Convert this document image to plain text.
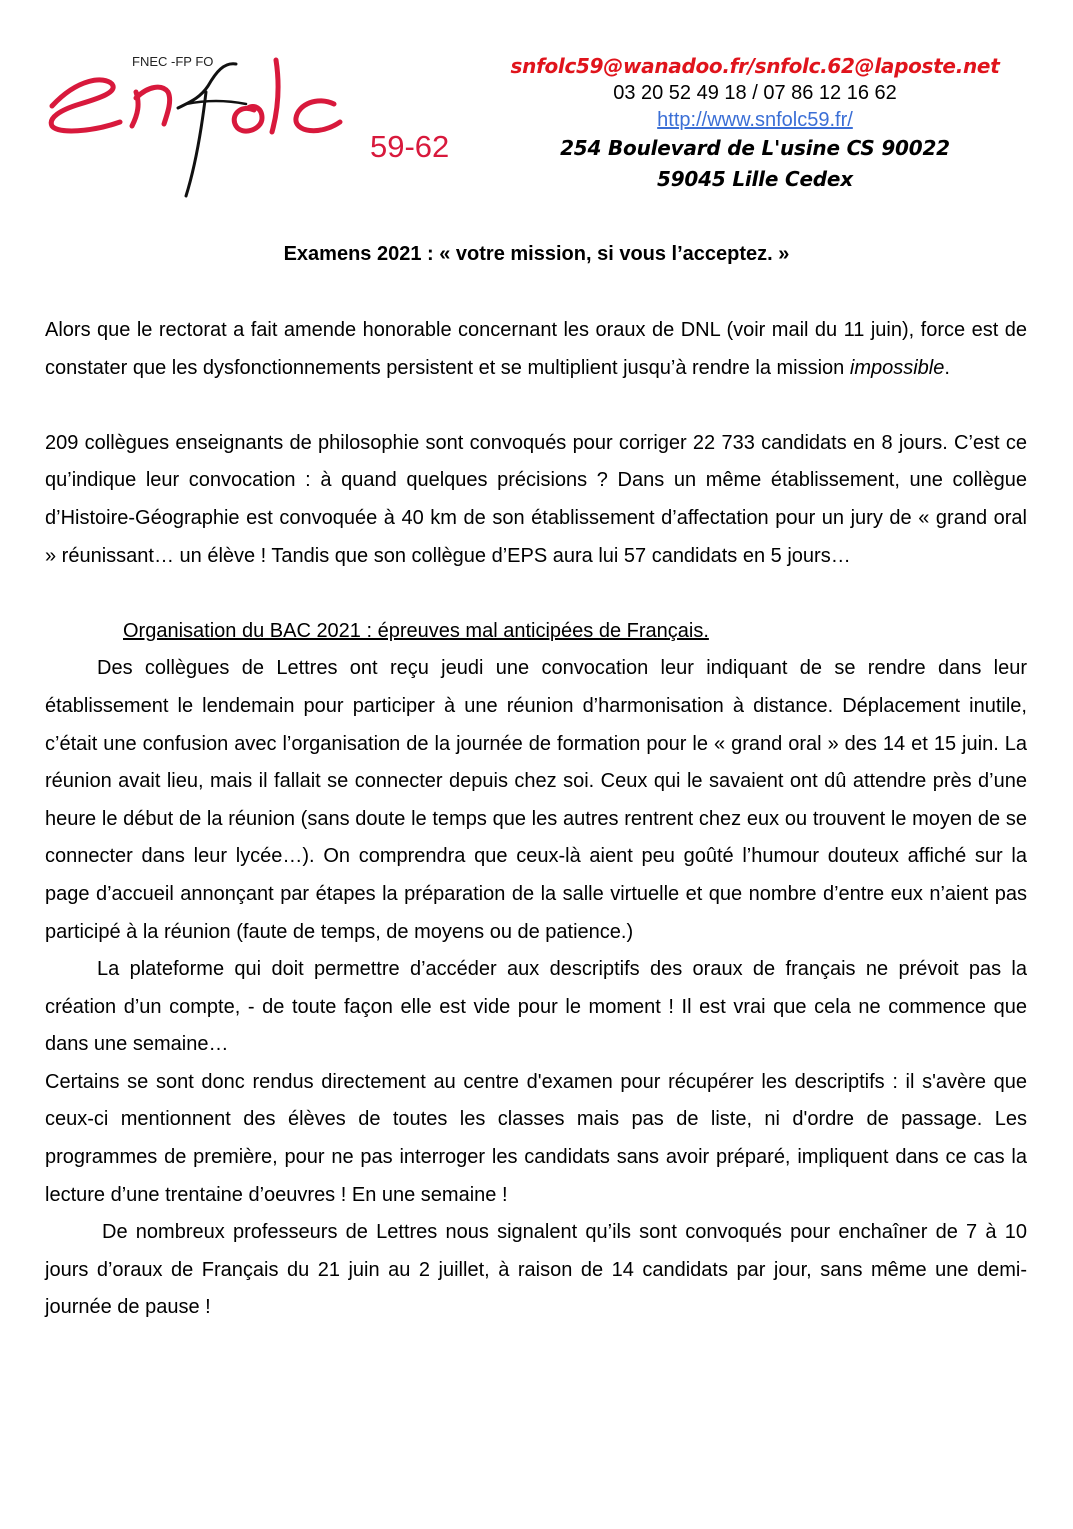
FNEC -FP FO
59-62
snfolc59@wanadoo.fr/snfolc.62@laposte.net
03 20 52 49 18 / 07 86 12 16 62
http://www.snfolc59.fr/
254 Boulevard de L'usine CS 90022
59045 Lille Cedex
Examens 2021 : « votre mission, si vous l’acceptez. »

Alors que le rectorat a fait amende honorable concernant les oraux de DNL (voir mail du 11 juin), force est de constater que les dysfonctionnements persistent et se multiplient jusqu’à rendre la mission impossible.

209 collègues enseignants de philosophie sont convoqués pour corriger 22 733 candidats en 8 jours. C’est ce qu’indique leur convocation : à quand quelques précisions ? Dans un même établissement, une collègue d’Histoire-Géographie est convoquée à 40 km de son établissement d’affectation pour un jury de « grand oral » réunissant… un élève ! Tandis que son collègue d’EPS aura lui 57 candidats en 5 jours…

Organisation du BAC 2021 : épreuves mal anticipées de Français.

Des collègues de Lettres ont reçu jeudi une convocation leur indiquant de se rendre dans leur établissement le lendemain pour participer à une réunion d’harmonisation à distance. Déplacement inutile, c’était une confusion avec l’organisation de la journée de formation pour le « grand oral » des 14 et 15 juin. La réunion avait lieu, mais il fallait se connecter depuis chez soi. Ceux qui le savaient ont dû attendre près d’une heure le début de la réunion (sans doute le temps que les autres rentrent chez eux ou trouvent le moyen de se connecter dans leur lycée…). On comprendra que ceux-là aient peu goûté l’humour douteux affiché sur la page d’accueil annonçant par étapes la préparation de la salle virtuelle et que nombre d’entre eux n’aient pas participé à la réunion (faute de temps, de moyens ou de patience.)

La plateforme qui doit permettre d’accéder aux descriptifs des oraux de français ne prévoit pas la création d’un compte, - de toute façon elle est vide pour le moment ! Il est vrai que cela ne commence que dans une semaine…

Certains se sont donc rendus directement au centre d'examen pour récupérer les descriptifs : il s'avère que ceux-ci mentionnent des élèves de toutes les classes mais pas de liste, ni d'ordre de passage. Les programmes de première, pour ne pas interroger les candidats sans avoir préparé, impliquent dans ce cas la lecture d’une trentaine d’oeuvres ! En une semaine !

De nombreux professeurs de Lettres nous signalent qu’ils sont convoqués pour enchaîner de 7 à 10 jours d’oraux de Français du 21 juin au 2 juillet, à raison de 14 candidats par jour, sans même une demi-journée de pause !
